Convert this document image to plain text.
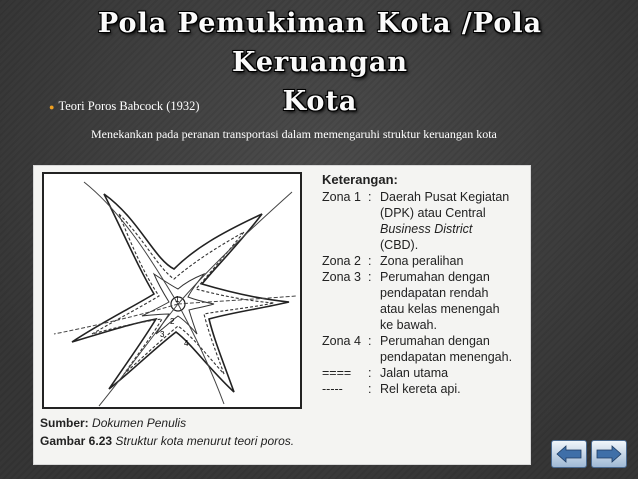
Pola Pemukiman Kota /Pola Keruangan
Kota
● Teori Poros Babcock (1932)
Menekankan pada peranan transportasi dalam memengaruhi struktur keruangan kota
1
2
3
4
Keterangan:
Zona 1 : Daerah Pusat Kegiatan
(DPK) atau Central
Business District
(CBD).
Zona 2 : Zona peralihan
Zona 3 : Perumahan dengan
pendapatan rendah
atau kelas menengah
ke bawah.
Zona 4 : Perumahan dengan
pendapatan menengah.
====	: Jalan utama
-----	: Rel kereta api.
Sumber: Dokumen Penulis
Gambar 6.23 Struktur kota menurut teori poros.
